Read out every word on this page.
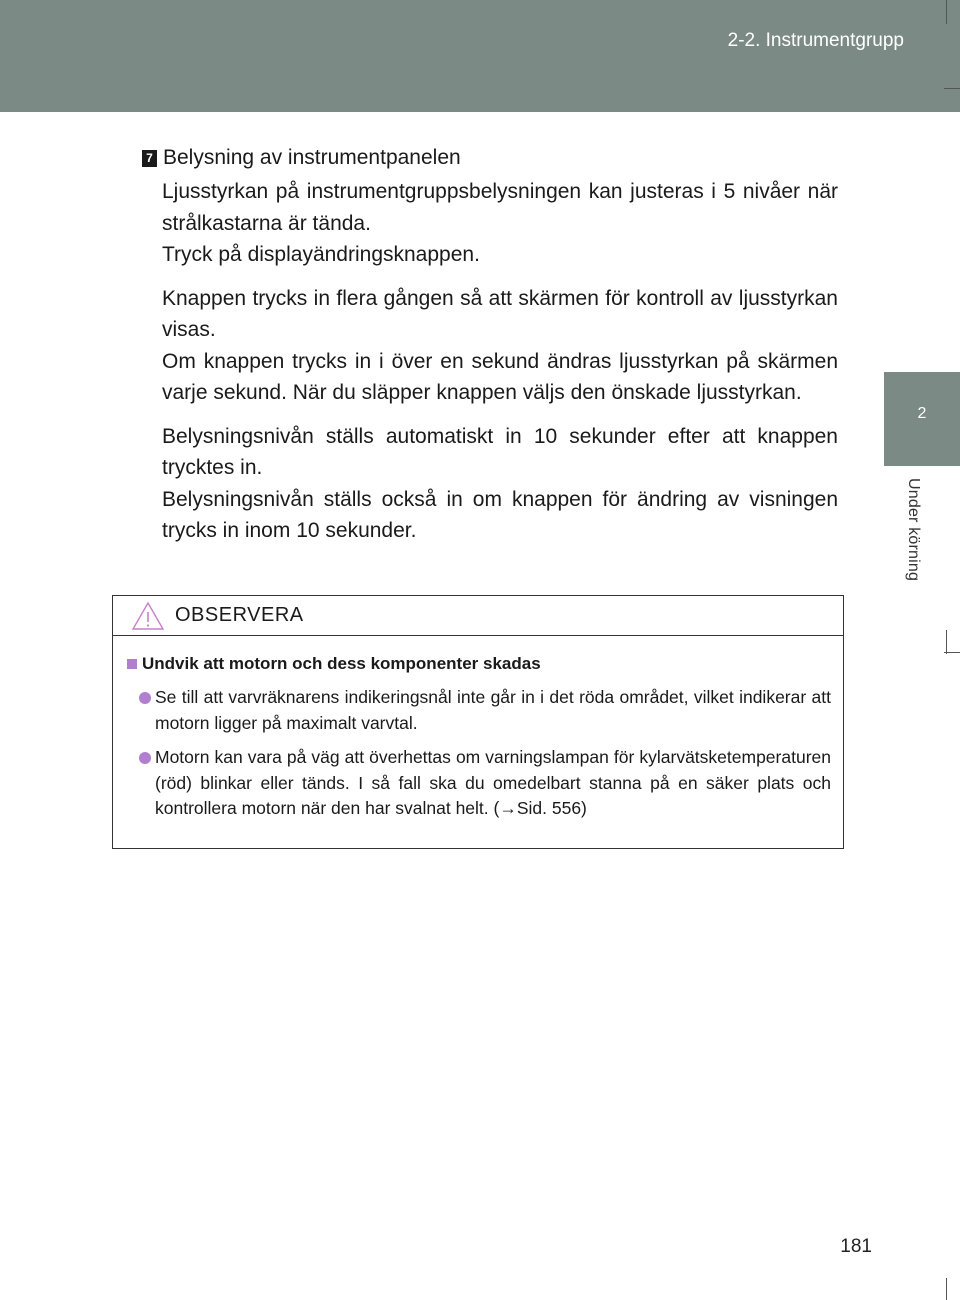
2-2. Instrumentgrupp
2
Under körning
7 Belysning av instrumentpanelen
Ljusstyrkan på instrumentgruppsbelysningen kan justeras i 5 nivåer när strålkastarna är tända.
Tryck på displayändringsknappen.
Knappen trycks in flera gången så att skärmen för kontroll av ljusstyrkan visas.
Om knappen trycks in i över en sekund ändras ljusstyrkan på skärmen varje sekund. När du släpper knappen väljs den önskade ljusstyrkan.
Belysningsnivån ställs automatiskt in 10 sekunder efter att knappen trycktes in.
Belysningsnivån ställs också in om knappen för ändring av visningen trycks in inom 10 sekunder.
OBSERVERA
Undvik att motorn och dess komponenter skadas
Se till att varvräknarens indikeringsnål inte går in i det röda området, vilket indikerar att motorn ligger på maximalt varvtal.
Motorn kan vara på väg att överhettas om varningslampan för kylarvätsketemperaturen (röd) blinkar eller tänds. I så fall ska du omedelbart stanna på en säker plats och kontrollera motorn när den har svalnat helt. (→Sid. 556)
181
